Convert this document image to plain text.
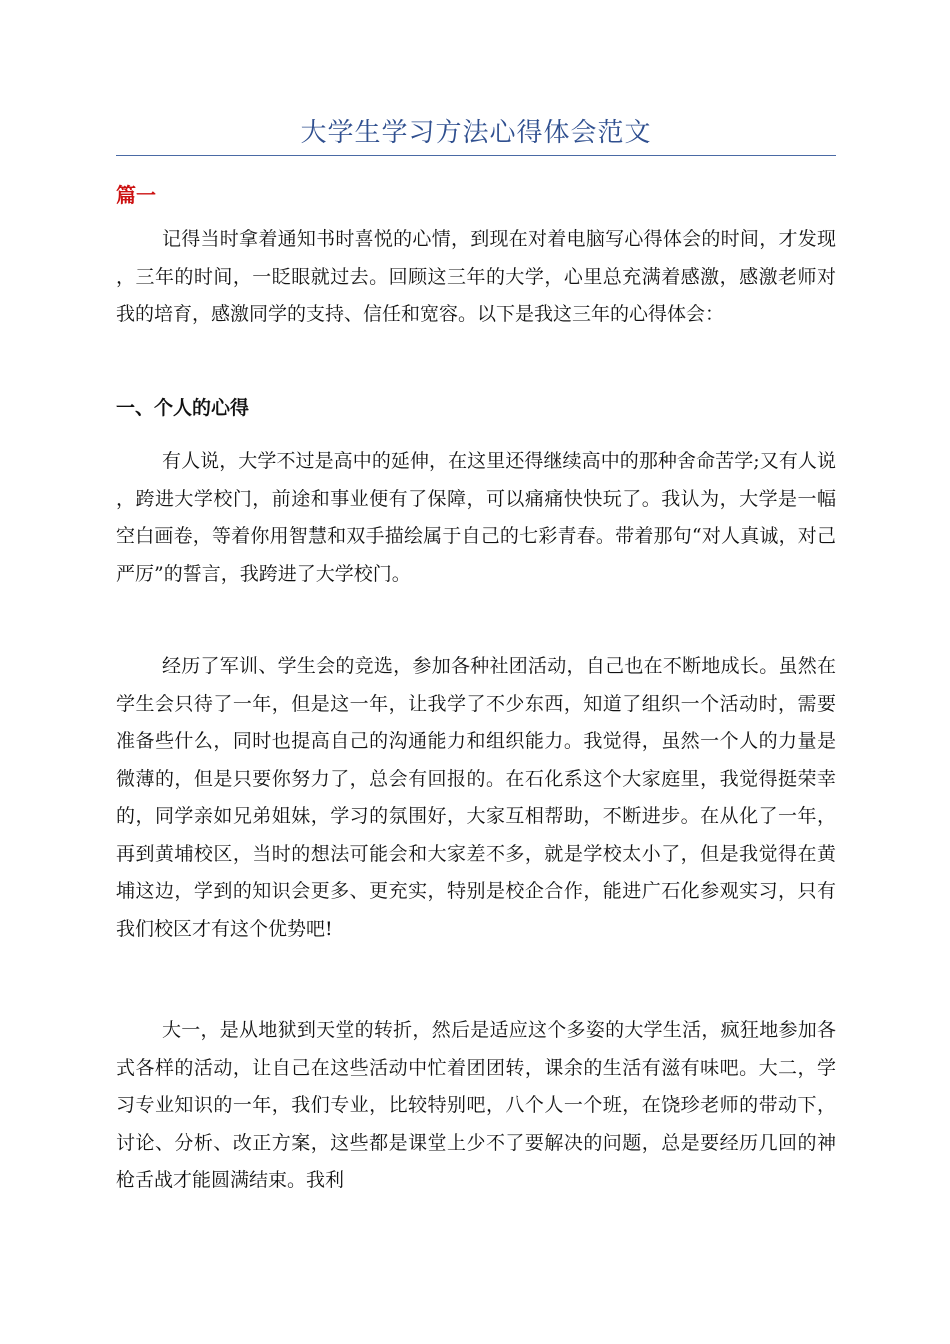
大学生学习方法心得体会范文
篇一

记得当时拿着通知书时喜悦的心情，到现在对着电脑写心得体会的时间，才发现，三年的时间，一眨眼就过去。回顾这三年的大学，心里总充满着感激，感激老师对我的培育，感激同学的支持、信任和宽容。以下是我这三年的心得体会：

一、个人的心得

有人说，大学不过是高中的延伸，在这里还得继续高中的那种舍命苦学;又有人说，跨进大学校门，前途和事业便有了保障，可以痛痛快快玩了。我认为，大学是一幅空白画卷，等着你用智慧和双手描绘属于自己的七彩青春。带着那句“对人真诚，对己严厉”的誓言，我跨进了大学校门。

经历了军训、学生会的竞选，参加各种社团活动，自己也在不断地成长。虽然在学生会只待了一年，但是这一年，让我学了不少东西，知道了组织一个活动时，需要准备些什么，同时也提高自己的沟通能力和组织能力。我觉得，虽然一个人的力量是微薄的，但是只要你努力了，总会有回报的。在石化系这个大家庭里，我觉得挺荣幸的，同学亲如兄弟姐妹，学习的氛围好，大家互相帮助，不断进步。在从化了一年，再到黄埔校区，当时的想法可能会和大家差不多，就是学校太小了，但是我觉得在黄埔这边，学到的知识会更多、更充实，特别是校企合作，能进广石化参观实习，只有我们校区才有这个优势吧!

大一，是从地狱到天堂的转折，然后是适应这个多姿的大学生活，疯狂地参加各式各样的活动，让自己在这些活动中忙着团团转，课余的生活有滋有味吧。大二，学习专业知识的一年，我们专业，比较特别吧，八个人一个班，在饶珍老师的带动下，讨论、分析、改正方案，这些都是课堂上少不了要解决的问题，总是要经历几回的神枪舌战才能圆满结束。我利
